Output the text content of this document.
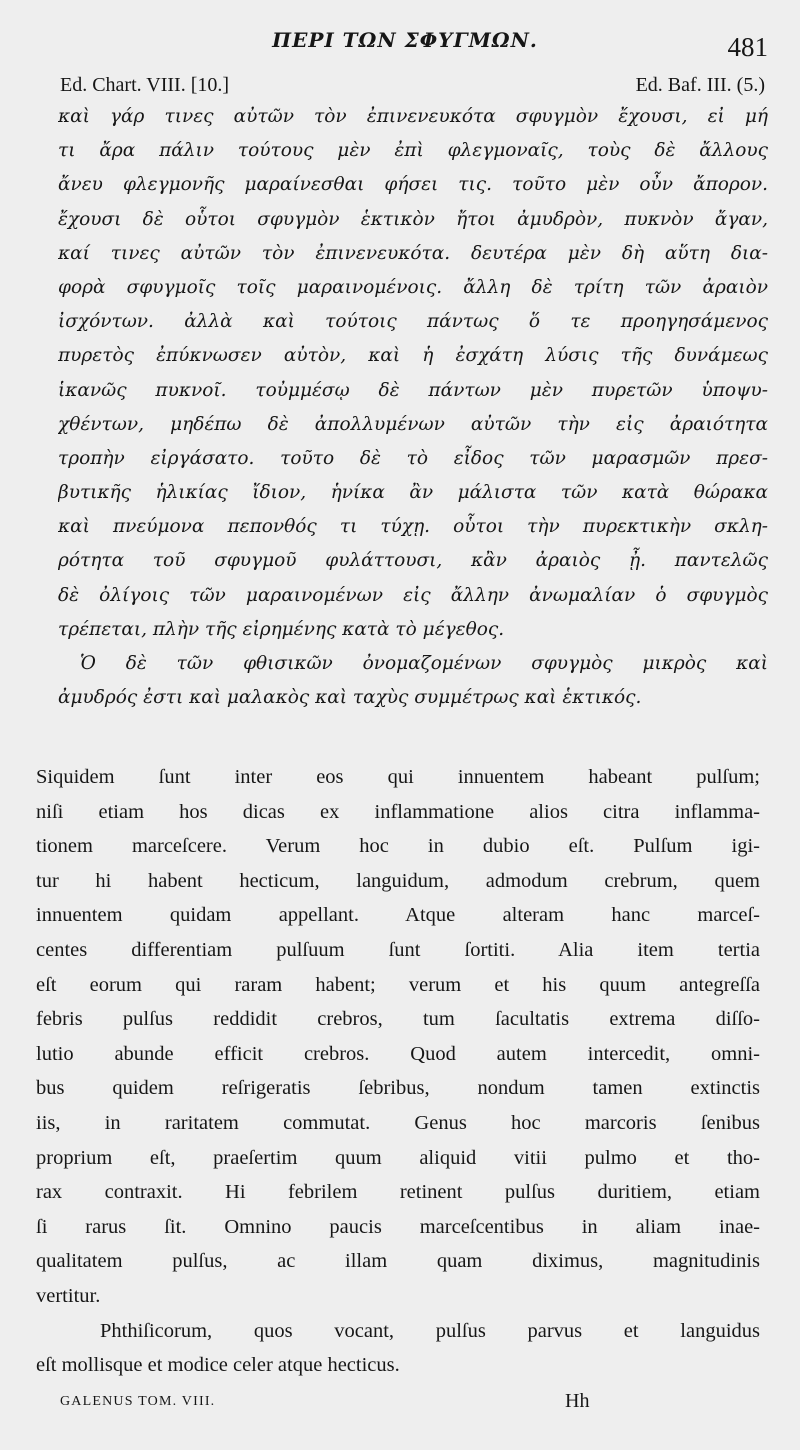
ΠΕΡΙ ΤΩΝ ΣΦΥΓΜΩΝ.	481
Ed. Chart. VIII. [10.]	Ed. Baf. III. (5.)
καὶ γάρ τινες αὐτῶν τὸν ἐπινενευκότα σφυγμὸν ἔχουσι, εἰ μή
τι ἄρα πάλιν τούτους μὲν ἐπὶ φλεγμοναῖς, τοὺς δὲ ἄλλους
ἄνευ φλεγμονῆς μαραίνεσθαι φήσει τις. τοῦτο μὲν οὖν ἄπορον.
ἔχουσι δὲ οὗτοι σφυγμὸν ἑκτικὸν ἤτοι ἀμυδρὸν, πυκνὸν ἄγαν,
καί τινες αὐτῶν τὸν ἐπινενευκότα. δευτέρα μὲν δὴ αὕτη δια-
φορὰ σφυγμοῖς τοῖς μαραινομένοις. ἄλλη δὲ τρίτη τῶν ἀραιὸν
ἰσχόντων. ἀλλὰ καὶ τούτοις πάντως ὅ τε προηγησάμενος
πυρετὸς ἐπύκνωσεν αὐτὸν, καὶ ἡ ἐσχάτη λύσις τῆς δυνάμεως
ἱκανῶς πυκνοῖ. τοὐμμέσῳ δὲ πάντων μὲν πυρετῶν ὑποψυ-
χθέντων, μηδέπω δὲ ἀπολλυμένων αὐτῶν τὴν εἰς ἀραιότητα
τροπὴν εἰργάσατο. τοῦτο δὲ τὸ εἶδος τῶν μαρασμῶν πρεσ-
βυτικῆς ἡλικίας ἴδιον, ἡνίκα ἂν μάλιστα τῶν κατὰ θώρακα
καὶ πνεύμονα πεπονθός τι τύχῃ. οὗτοι τὴν πυρεκτικὴν σκλη-
ρότητα τοῦ σφυγμοῦ φυλάττουσι, κἂν ἀραιὸς ᾖ. παντελῶς
δὲ ὀλίγοις τῶν μαραινομένων εἰς ἄλλην ἀνωμαλίαν ὁ σφυγμὸς
τρέπεται, πλὴν τῆς εἰρημένης κατὰ τὸ μέγεθος.
Ὁ δὲ τῶν φθισικῶν ὀνομαζομένων σφυγμὸς μικρὸς καὶ
ἀμυδρός ἐστι καὶ μαλακὸς καὶ ταχὺς συμμέτρως καὶ ἑκτικός.
Siquidem ſunt inter eos qui innuentem habeant pulſum;
niſi etiam hos dicas ex inflammatione alios citra inflamma-
tionem marceſcere. Verum hoc in dubio eſt. Pulſum igi-
tur hi habent hecticum, languidum, admodum crebrum, quem
innuentem quidam appellant. Atque alteram hanc marceſ-
centes differentiam pulſuum ſunt ſortiti. Alia item tertia
eſt eorum qui raram habent; verum et his quum antegreſſa
febris pulſus reddidit crebros, tum ſacultatis extrema diſſo-
lutio abunde efficit crebros. Quod autem intercedit, omni-
bus quidem reſrigeratis ſebribus, nondum tamen extinctis
iis, in raritatem commutat. Genus hoc marcoris ſenibus
proprium eſt, praeſertim quum aliquid vitii pulmo et tho-
rax contraxit. Hi febrilem retinent pulſus duritiem, etiam
ſi rarus ſit. Omnino paucis marceſcentibus in aliam inae-
qualitatem pulſus, ac illam quam diximus, magnitudinis
vertitur.
Phthiſicorum, quos vocant, pulſus parvus et languidus
eſt mollisque et modice celer atque hecticus.
GALENUS TOM. VIII.	Hh
